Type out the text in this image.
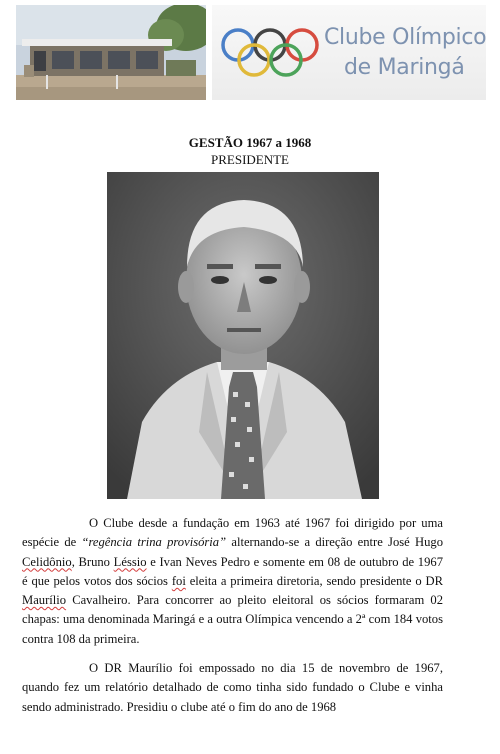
Clube Olímpico
de Maringá
GESTÃO 1967 a 1968
PRESIDENTE
O Clube desde a fundação em 1963 até 1967 foi dirigido por uma espécie de “regência trina provisória” alternando-se a direção entre José Hugo Celidônio, Bruno Léssio e Ivan Neves Pedro e somente em 08 de outubro de 1967 é que pelos votos dos sócios foi eleita a primeira diretoria, sendo presidente o DR Maurílio Cavalheiro. Para concorrer ao pleito eleitoral os sócios formaram 02 chapas: uma denominada Maringá e a outra Olímpica vencendo a 2ª com 184 votos contra 108 da primeira.
O DR Maurílio foi empossado no dia 15 de novembro de 1967, quando fez um relatório detalhado de como tinha sido fundado o Clube e vinha sendo administrado. Presidiu o clube até o fim do ano de 1968
